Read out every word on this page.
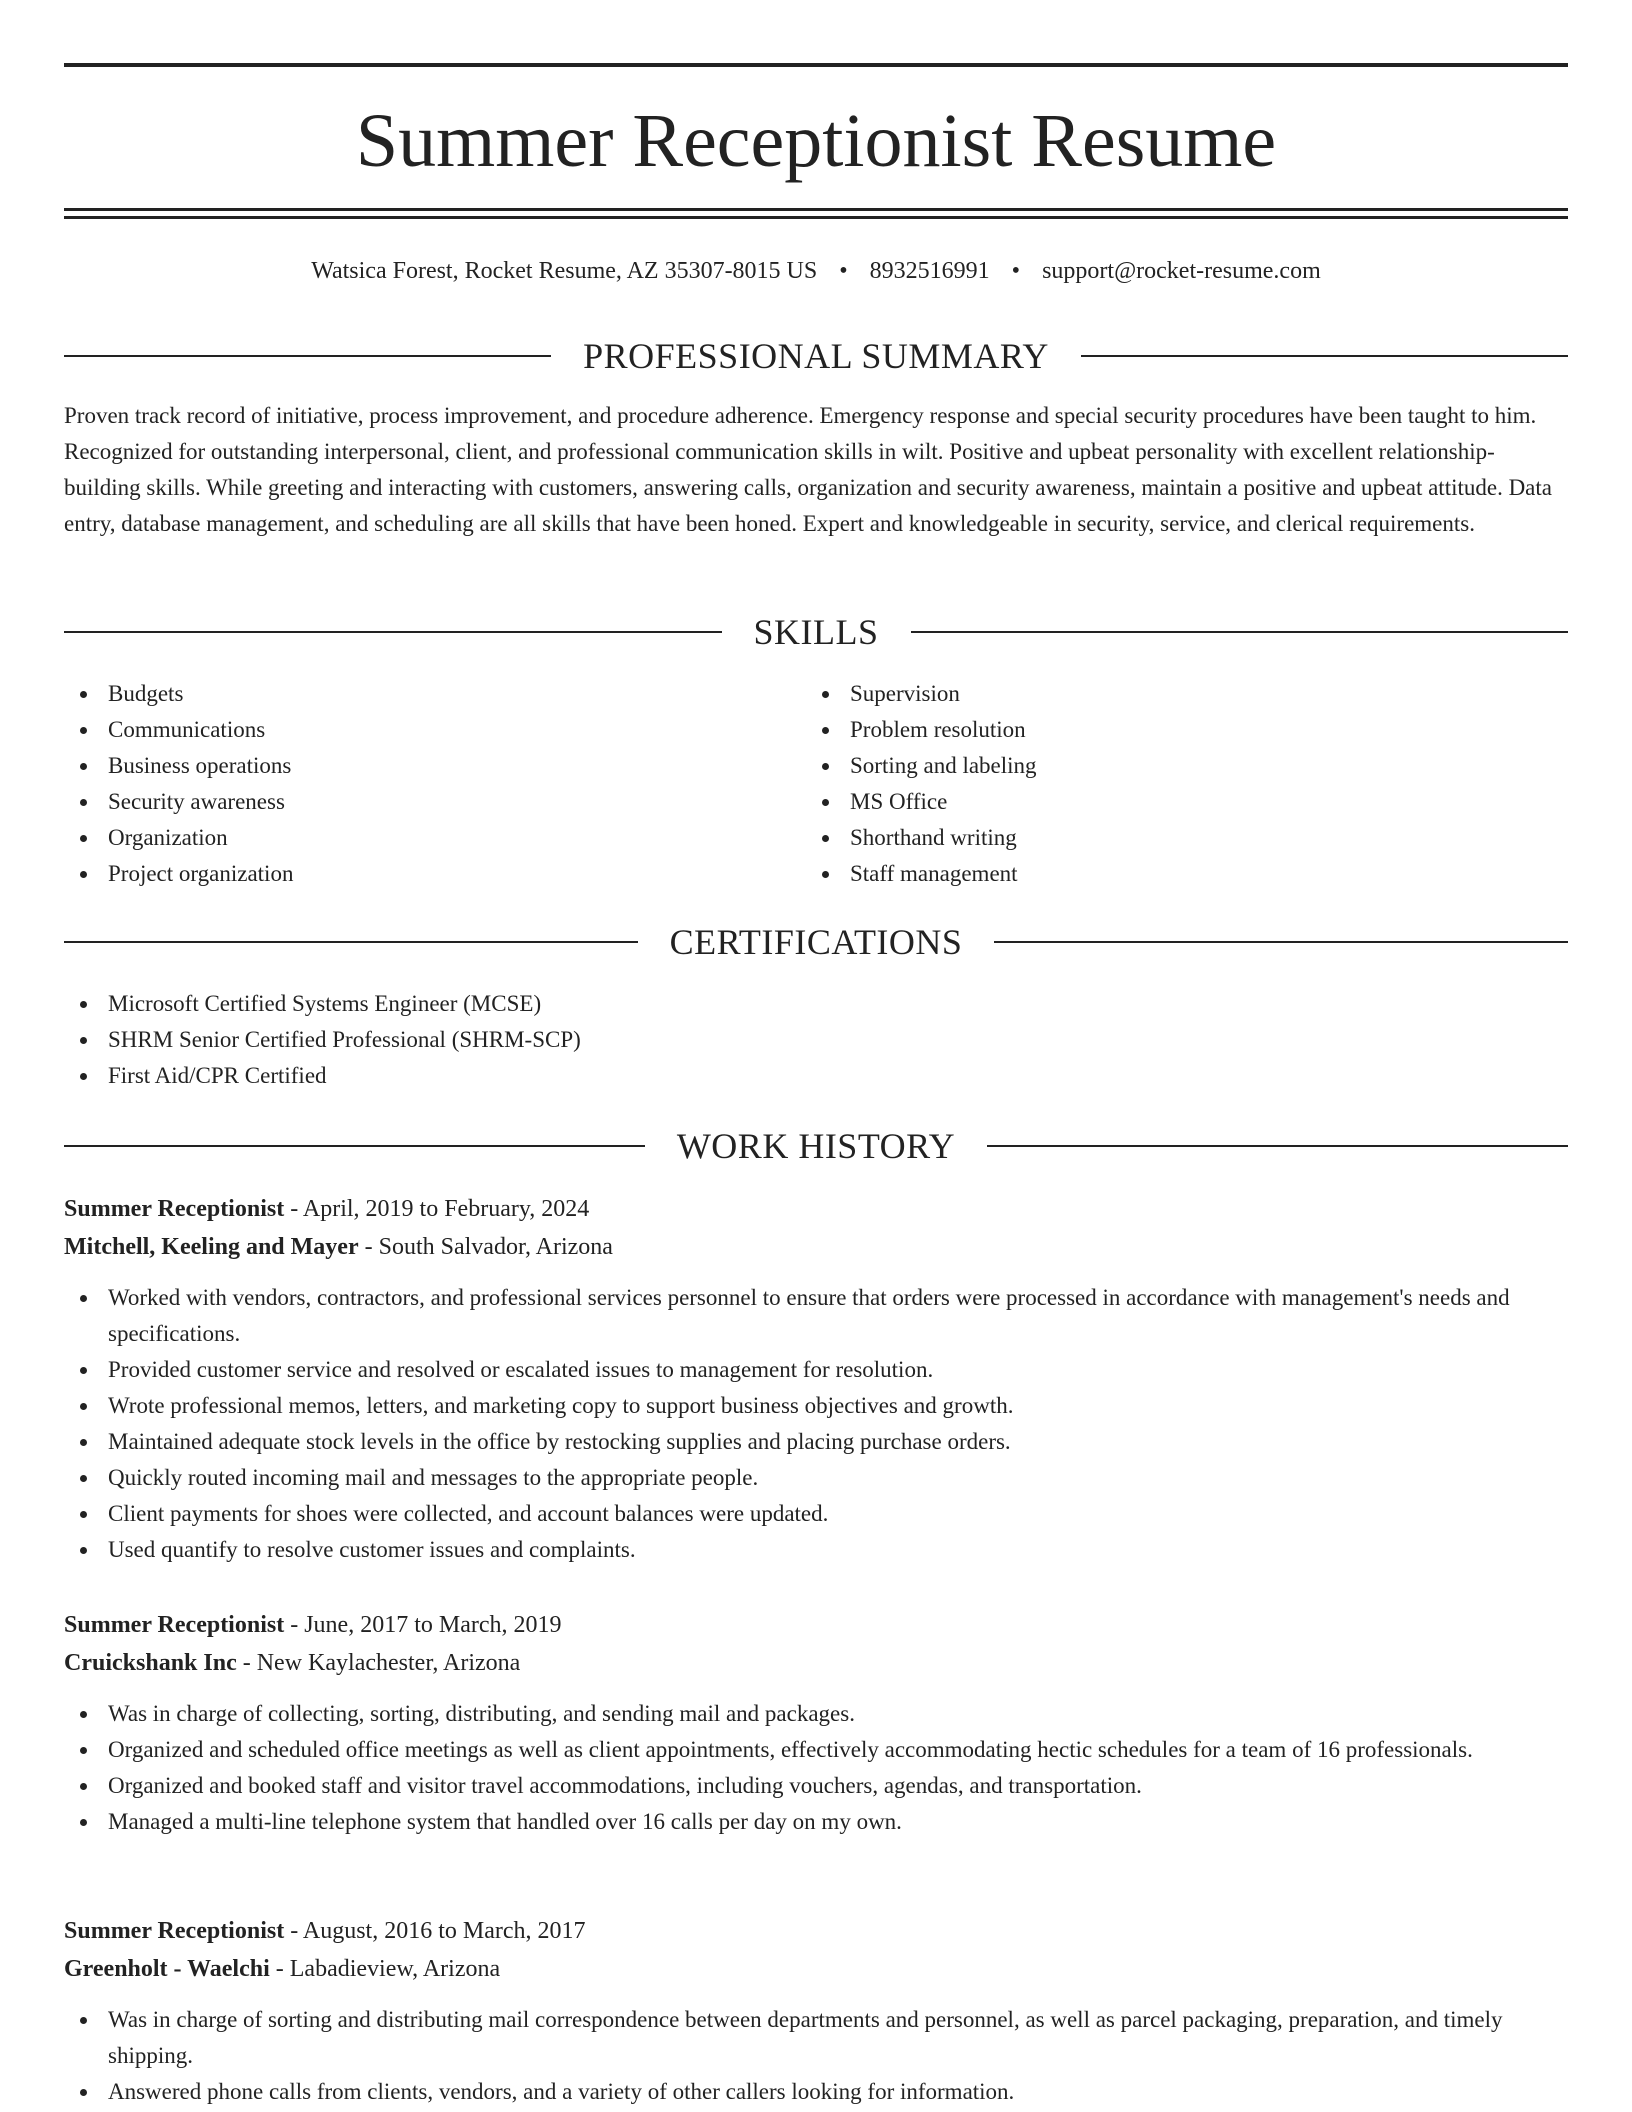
Summer Receptionist Resume
Watsica Forest, Rocket Resume, AZ 35307-8015 US • 8932516991 • support@rocket-resume.com
PROFESSIONAL SUMMARY

Proven track record of initiative, process improvement, and procedure adherence. Emergency response and special security procedures have been taught to him. Recognized for outstanding interpersonal, client, and professional communication skills in wilt. Positive and upbeat personality with excellent relationship-building skills. While greeting and interacting with customers, answering calls, organization and security awareness, maintain a positive and upbeat attitude. Data entry, database management, and scheduling are all skills that have been honed. Expert and knowledgeable in security, service, and clerical requirements.

SKILLS
Budgets
Communications
Business operations
Security awareness
Organization
Project organization
Supervision
Problem resolution
Sorting and labeling
MS Office
Shorthand writing
Staff management
CERTIFICATIONS
Microsoft Certified Systems Engineer (MCSE)
SHRM Senior Certified Professional (SHRM-SCP)
First Aid/CPR Certified
WORK HISTORY
Summer Receptionist - April, 2019 to February, 2024
Mitchell, Keeling and Mayer - South Salvador, Arizona
Worked with vendors, contractors, and professional services personnel to ensure that orders were processed in accordance with management's needs and specifications.
Provided customer service and resolved or escalated issues to management for resolution.
Wrote professional memos, letters, and marketing copy to support business objectives and growth.
Maintained adequate stock levels in the office by restocking supplies and placing purchase orders.
Quickly routed incoming mail and messages to the appropriate people.
Client payments for shoes were collected, and account balances were updated.
Used quantify to resolve customer issues and complaints.
Summer Receptionist - June, 2017 to March, 2019
Cruickshank Inc - New Kaylachester, Arizona
Was in charge of collecting, sorting, distributing, and sending mail and packages.
Organized and scheduled office meetings as well as client appointments, effectively accommodating hectic schedules for a team of 16 professionals.
Organized and booked staff and visitor travel accommodations, including vouchers, agendas, and transportation.
Managed a multi-line telephone system that handled over 16 calls per day on my own.
Summer Receptionist - August, 2016 to March, 2017
Greenholt - Waelchi - Labadieview, Arizona
Was in charge of sorting and distributing mail correspondence between departments and personnel, as well as parcel packaging, preparation, and timely shipping.
Answered phone calls from clients, vendors, and a variety of other callers looking for information.
